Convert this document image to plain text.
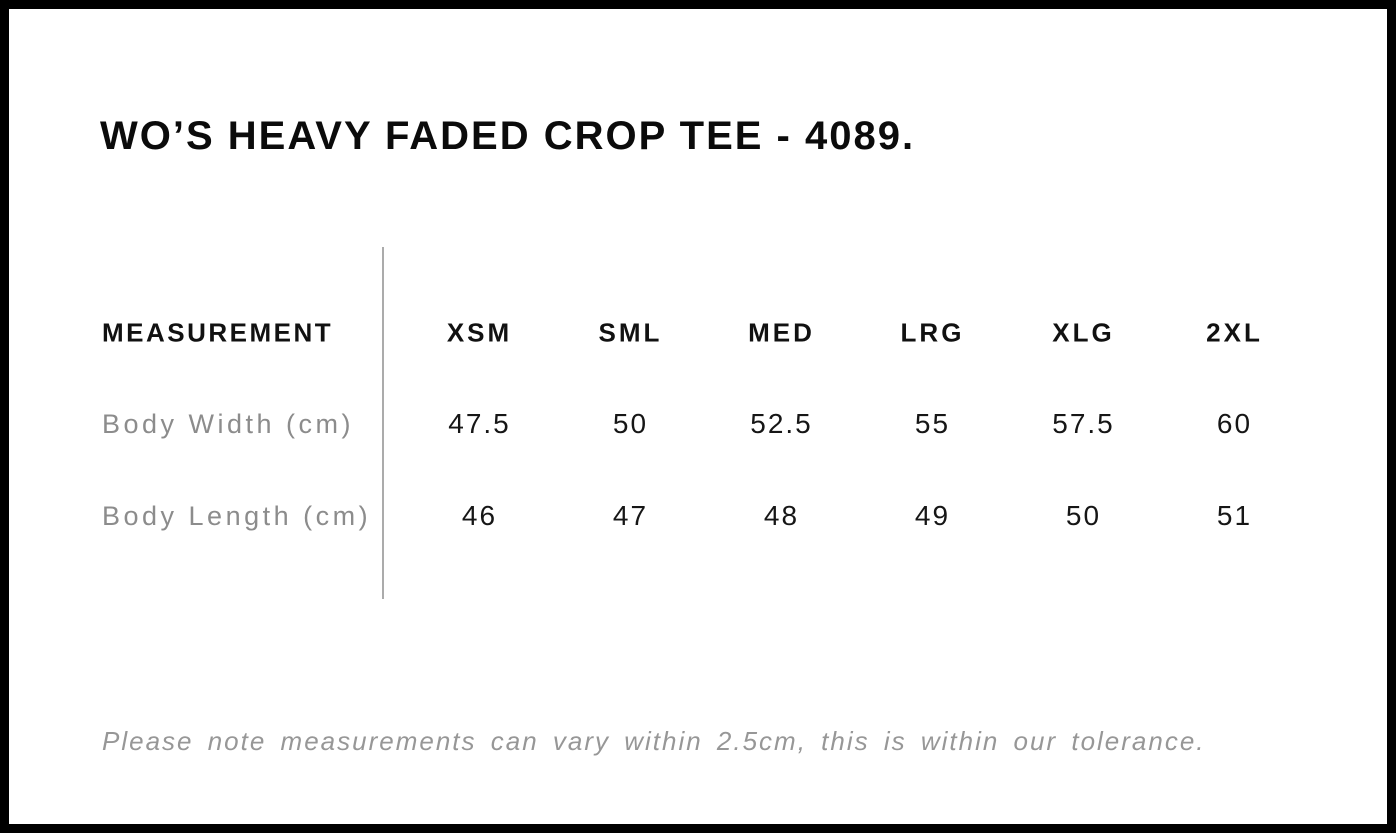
WO’S HEAVY FADED CROP TEE - 4089.
MEASUREMENT	XSM	SML	MED	LRG	XLG	2XL
Body Width (cm)	47.5	50	52.5	55	57.5	60
Body Length (cm)	46	47	48	49	50	51

Please note measurements can vary within 2.5cm, this is within our tolerance.
